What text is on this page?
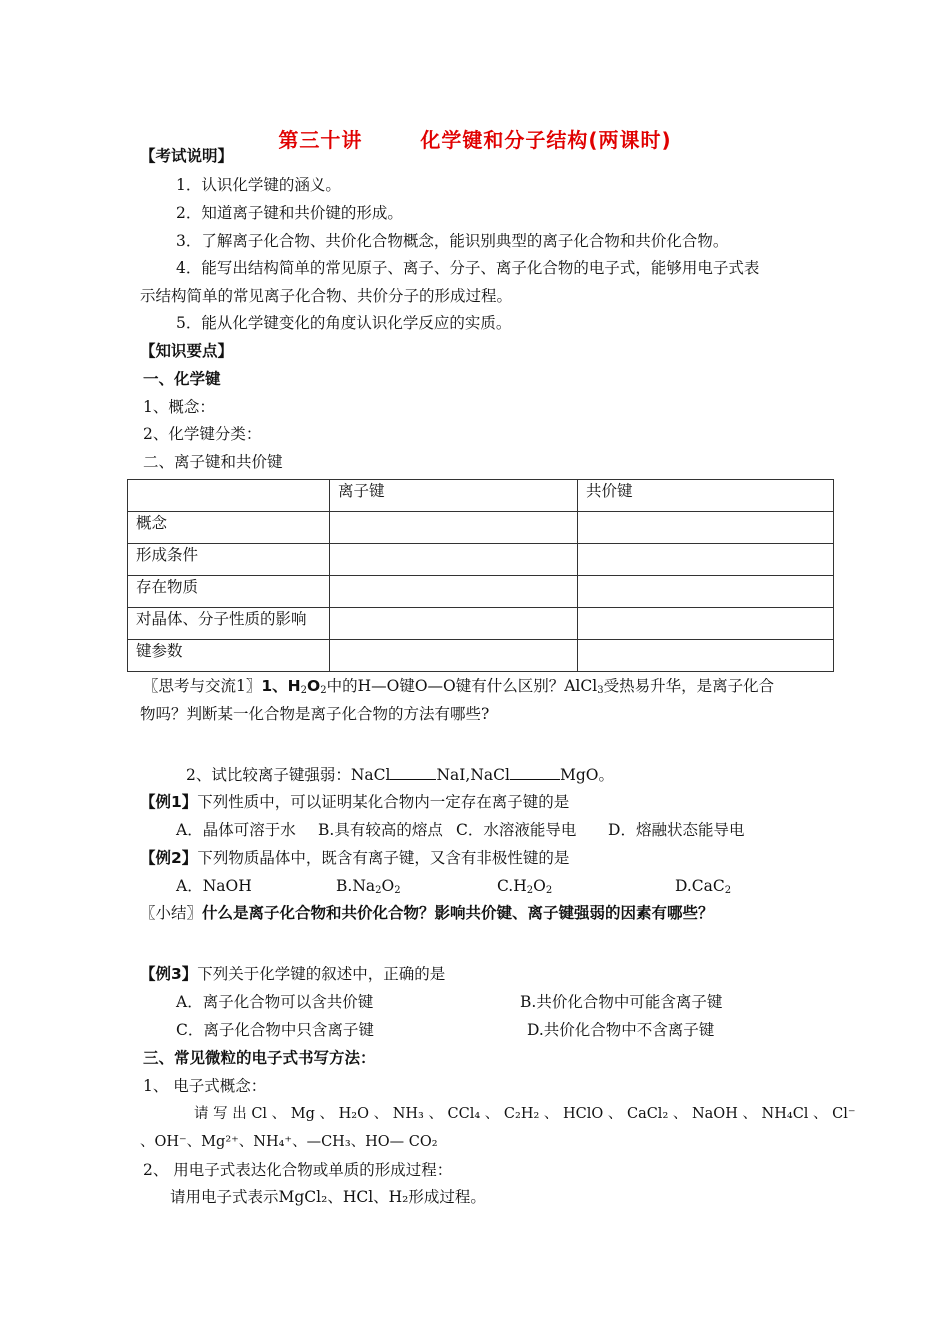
第三十讲	化学键和分子结构(两课时)
【考试说明】
1．认识化学键的涵义。
2．知道离子键和共价键的形成。
3．了解离子化合物、共价化合物概念，能识别典型的离子化合物和共价化合物。
4．能写出结构简单的常见原子、离子、分子、离子化合物的电子式，能够用电子式表
示结构简单的常见离子化合物、共价分子的形成过程。
5．能从化学键变化的角度认识化学反应的实质。
【知识要点】
一、化学键
1、概念：
2、化学键分类：
二、离子键和共价键
	离子键	共价键
概念		
形成条件		
存在物质		
对晶体、分子性质的影响		
键参数		
〖思考与交流1〗1、$H_2O_2$中的H—O键O—O键有什么区别？AlCl$_3$受热易升华，是离子化合
物吗？判断某一化合物是离子化合物的方法有哪些?
2、试比较离子键强弱：NaCl	NaI,NaCl	MgO。
【例1】下列性质中，可以证明某化合物内一定存在离子键的是
A．晶体可溶于水 B.具有较高的熔点 C．水溶液能导电 D．熔融状态能导电
【例2】下列物质晶体中，既含有离子键，又含有非极性键的是
A．NaOH	$B.Na_2O_2$	$C.H_2O_2$	D.CaC$_2$
〖小结〗什么是离子化合物和共价化合物？影响共价键、离子键强弱的因素有哪些？
【例3】下列关于化学键的叙述中，正确的是
A．离子化合物可以含共价键	B.共价化合物中可能含离子键
C．离子化合物中只含离子键	D.共价化合物中不含离子键
三、常见微粒的电子式书写方法：
1、 电子式概念：
请 写 出 Cl 、 Mg 、 H₂O 、 NH₃ 、 CCl₄ 、 C₂H₂ 、 HClO 、 CaCl₂ 、 NaOH 、 NH₄Cl 、 Cl⁻
、OH⁻、Mg²⁺、NH₄⁺、—CH₃、HO— CO₂
2、 用电子式表达化合物或单质的形成过程：
请用电子式表示MgCl₂、HCl、H₂形成过程。
